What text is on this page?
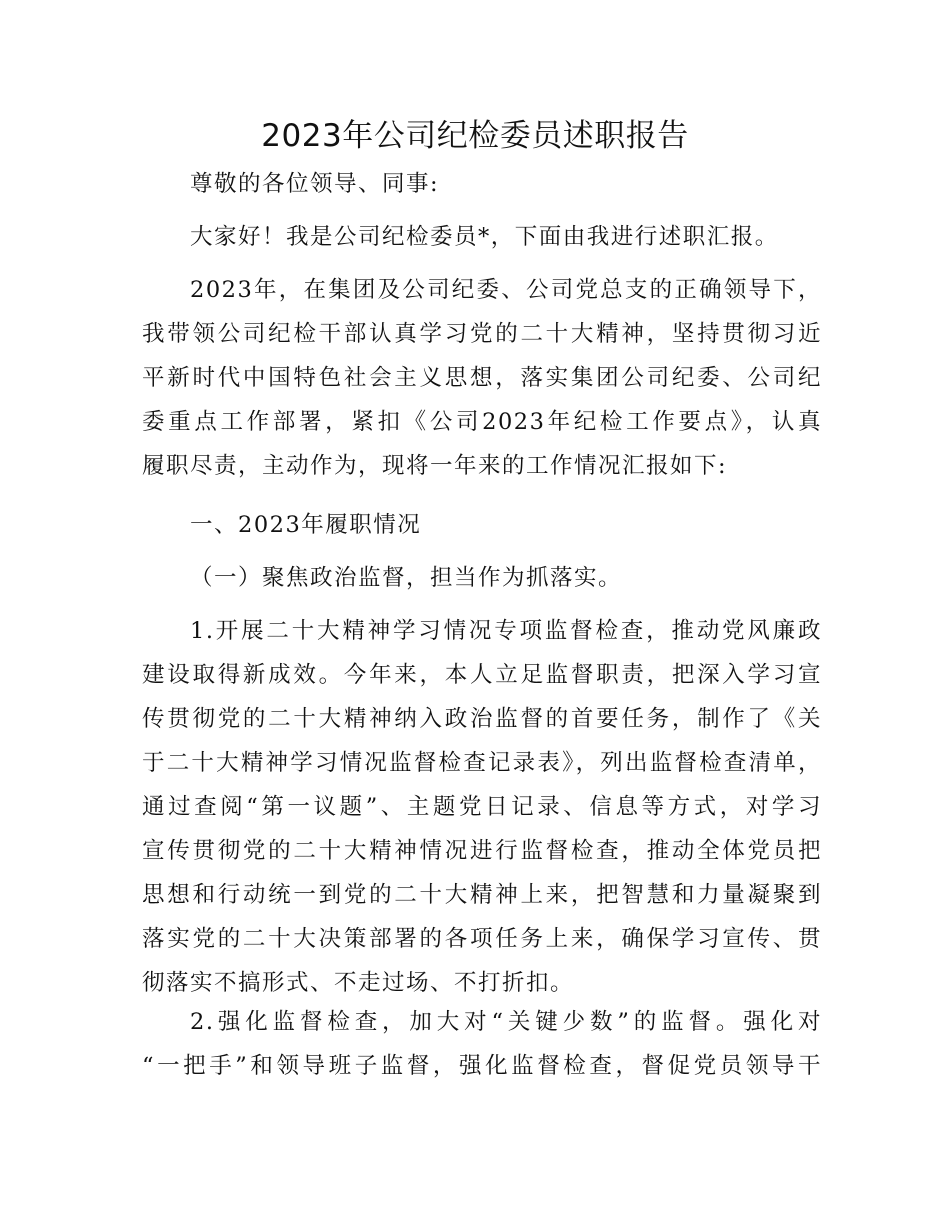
2023年公司纪检委员述职报告
尊敬的各位领导、同事:
大家好！我是公司纪检委员*，下面由我进行述职汇报。
2023年，在集团及公司纪委、公司党总支的正确领导下，
我带领公司纪检干部认真学习党的二十大精神，坚持贯彻习近
平新时代中国特色社会主义思想，落实集团公司纪委、公司纪
委重点工作部署，紧扣《公司2023年纪检工作要点》，认真
履职尽责，主动作为，现将一年来的工作情况汇报如下:
一、2023年履职情况
（一）聚焦政治监督，担当作为抓落实。
1.开展二十大精神学习情况专项监督检查，推动党风廉政
建设取得新成效。今年来，本人立足监督职责，把深入学习宣
传贯彻党的二十大精神纳入政治监督的首要任务，制作了《关
于二十大精神学习情况监督检查记录表》，列出监督检查清单，
通过查阅“第一议题”、主题党日记录、信息等方式，对学习
宣传贯彻党的二十大精神情况进行监督检查，推动全体党员把
思想和行动统一到党的二十大精神上来，把智慧和力量凝聚到
落实党的二十大决策部署的各项任务上来，确保学习宣传、贯
彻落实不搞形式、不走过场、不打折扣。
2.强化监督检查，加大对“关键少数”的监督。强化对
“一把手”和领导班子监督，强化监督检查，督促党员领导干
